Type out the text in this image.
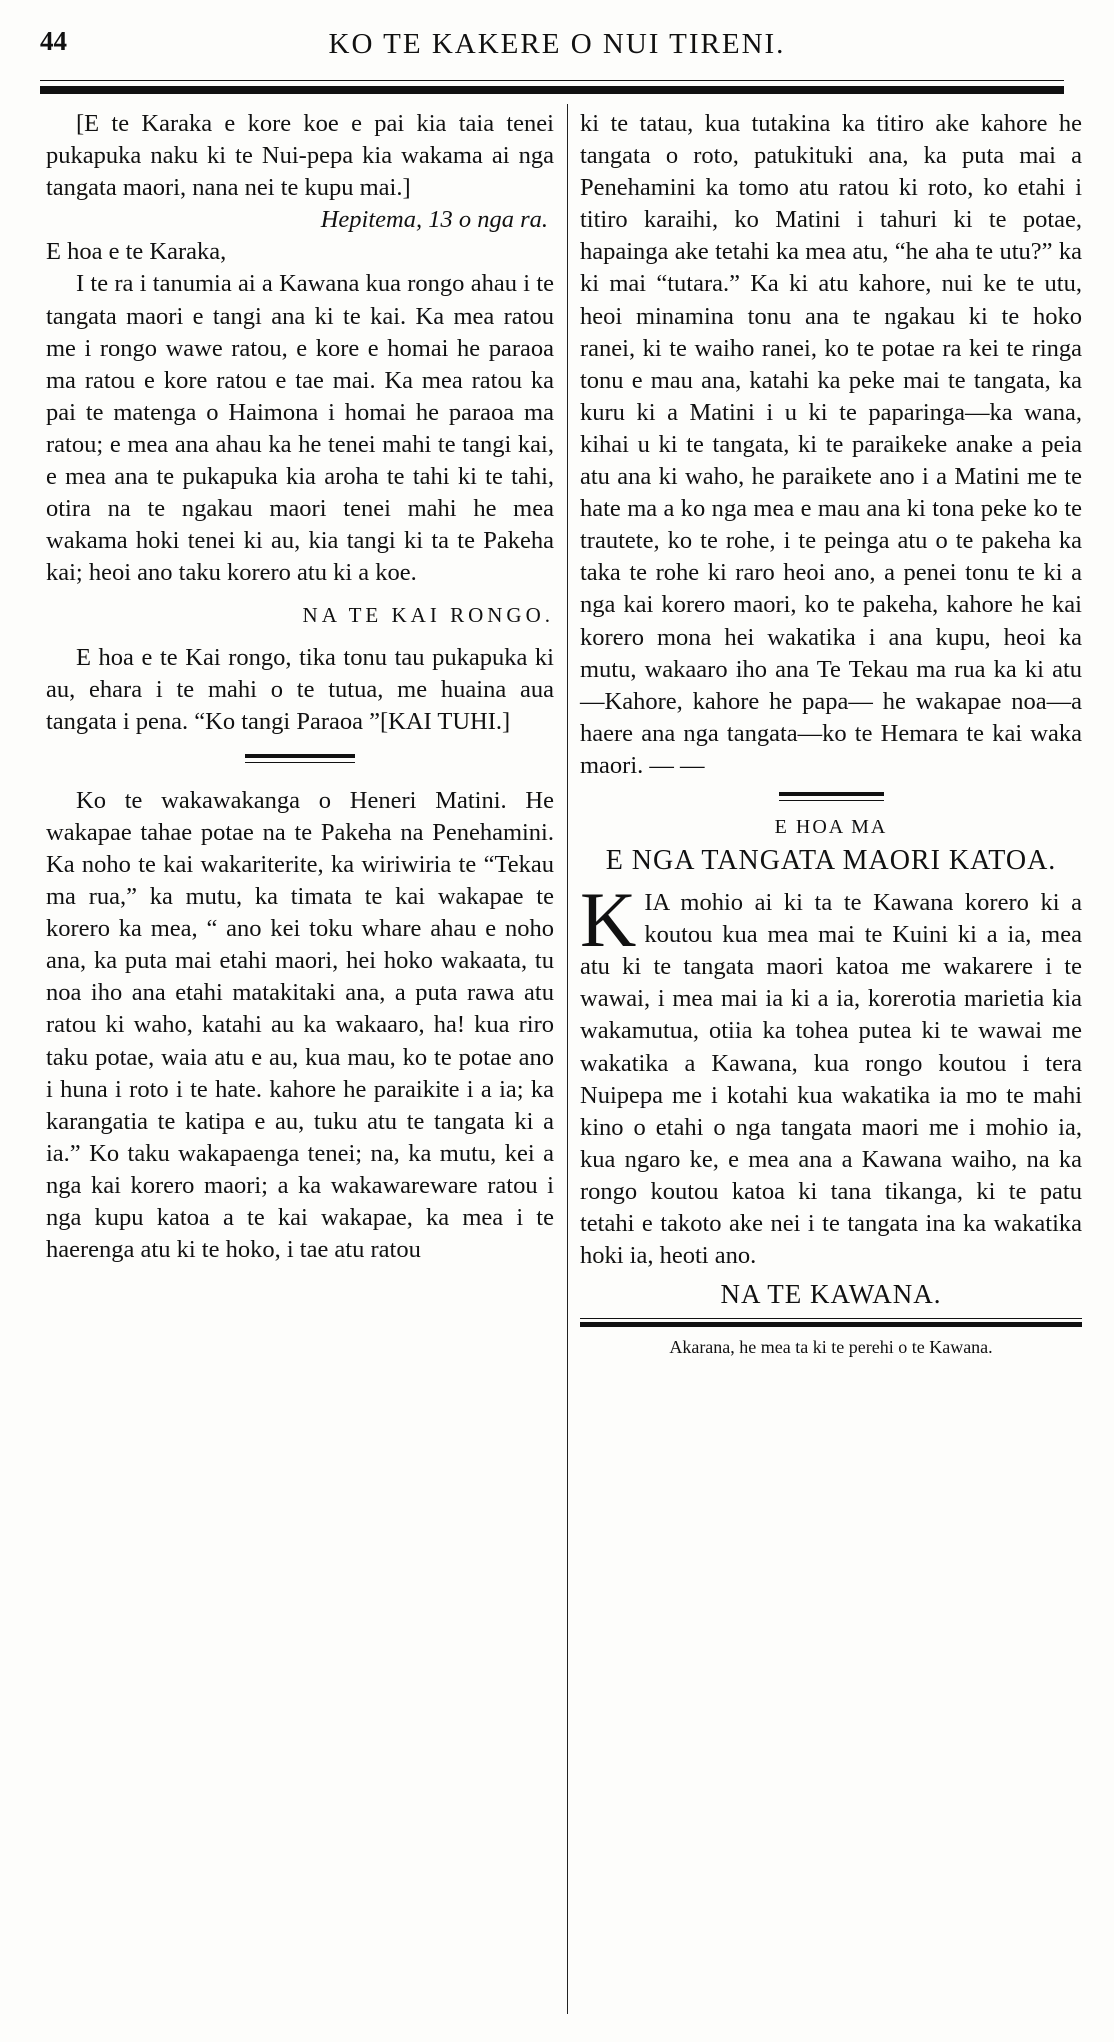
44	KO TE KAKERE O NUI TIRENI.

[E te Karaka e kore koe e pai kia taia tenei pukapuka naku ki te Nui-pepa kia wakama ai nga tangata maori, nana nei te kupu mai.]

Hepitema, 13 o nga ra.

E hoa e te Karaka,

I te ra i tanumia ai a Kawana kua rongo ahau i te tangata maori e tangi ana ki te kai. Ka mea ratou me i rongo wawe ratou, e kore e homai he paraoa ma ratou e kore ratou e tae mai. Ka mea ratou ka pai te matenga o Haimona i homai he paraoa ma ratou; e mea ana ahau ka he tenei mahi te tangi kai, e mea ana te pukapuka kia aroha te tahi ki te tahi, otira na te ngakau maori tenei mahi he mea wakama hoki tenei ki au, kia tangi ki ta te Pakeha kai; heoi ano taku korero atu ki a koe.

NA TE KAI RONGO.

E hoa e te Kai rongo, tika tonu tau pukapuka ki au, ehara i te mahi o te tutua, me huaina aua tangata i pena. “Ko tangi Paraoa ”[KAI TUHI.]

Ko te wakawakanga o Heneri Matini. He wakapae tahae potae na te Pakeha na Penehamini. Ka noho te kai wakariterite, ka wiriwiria te “Tekau ma rua,” ka mutu, ka timata te kai wakapae te korero ka mea, “ ano kei toku whare ahau e noho ana, ka puta mai etahi maori, hei hoko wakaata, tu noa iho ana etahi matakitaki ana, a puta rawa atu ratou ki waho, katahi au ka wakaaro, ha! kua riro taku potae, waia atu e au, kua mau, ko te potae ano i huna i roto i te hate. kahore he paraikite i a ia; ka karangatia te katipa e au, tuku atu te tangata ki a ia.” Ko taku wakapaenga tenei; na, ka mutu, kei a nga kai korero maori; a ka wakawareware ratou i nga kupu katoa a te kai wakapae, ka mea i te haerenga atu ki te hoko, i tae atu ratou

ki te tatau, kua tutakina ka titiro ake kahore he tangata o roto, patukituki ana, ka puta mai a Penehamini ka tomo atu ratou ki roto, ko etahi i titiro karaihi, ko Matini i tahuri ki te potae, hapainga ake tetahi ka mea atu, “he aha te utu?” ka ki mai “tutara.” Ka ki atu kahore, nui ke te utu, heoi minamina tonu ana te ngakau ki te hoko ranei, ki te waiho ranei, ko te potae ra kei te ringa tonu e mau ana, katahi ka peke mai te tangata, ka kuru ki a Matini i u ki te paparinga—ka wana, kihai u ki te tangata, ki te paraikeke anake a peia atu ana ki waho, he paraikete ano i a Matini me te hate ma a ko nga mea e mau ana ki tona peke ko te trautete, ko te rohe, i te peinga atu o te pakeha ka taka te rohe ki raro heoi ano, a penei tonu te ki a nga kai korero maori, ko te pakeha, kahore he kai korero mona hei wakatika i ana kupu, heoi ka mutu, wakaaro iho ana Te Tekau ma rua ka ki atu —Kahore, kahore he papa— he wakapae noa—a haere ana nga tangata—ko te Hemara te kai waka maori. — —

E HOA MA

E NGA TANGATA MAORI KATOA.

KIA mohio ai ki ta te Kawana korero ki a koutou kua mea mai te Kuini ki a ia, mea atu ki te tangata maori katoa me wakarere i te wawai, i mea mai ia ki a ia, korerotia marietia kia wakamutua, otiia ka tohea putea ki te wawai me wakatika a Kawana, kua rongo koutou i tera Nuipepa me i kotahi kua wakatika ia mo te mahi kino o etahi o nga tangata maori me i mohio ia, kua ngaro ke, e mea ana a Kawana waiho, na ka rongo koutou katoa ki tana tikanga, ki te patu tetahi e takoto ake nei i te tangata ina ka wakatika hoki ia, heoti ano.

NA TE KAWANA.

Akarana, he mea ta ki te perehi o te Kawana.
